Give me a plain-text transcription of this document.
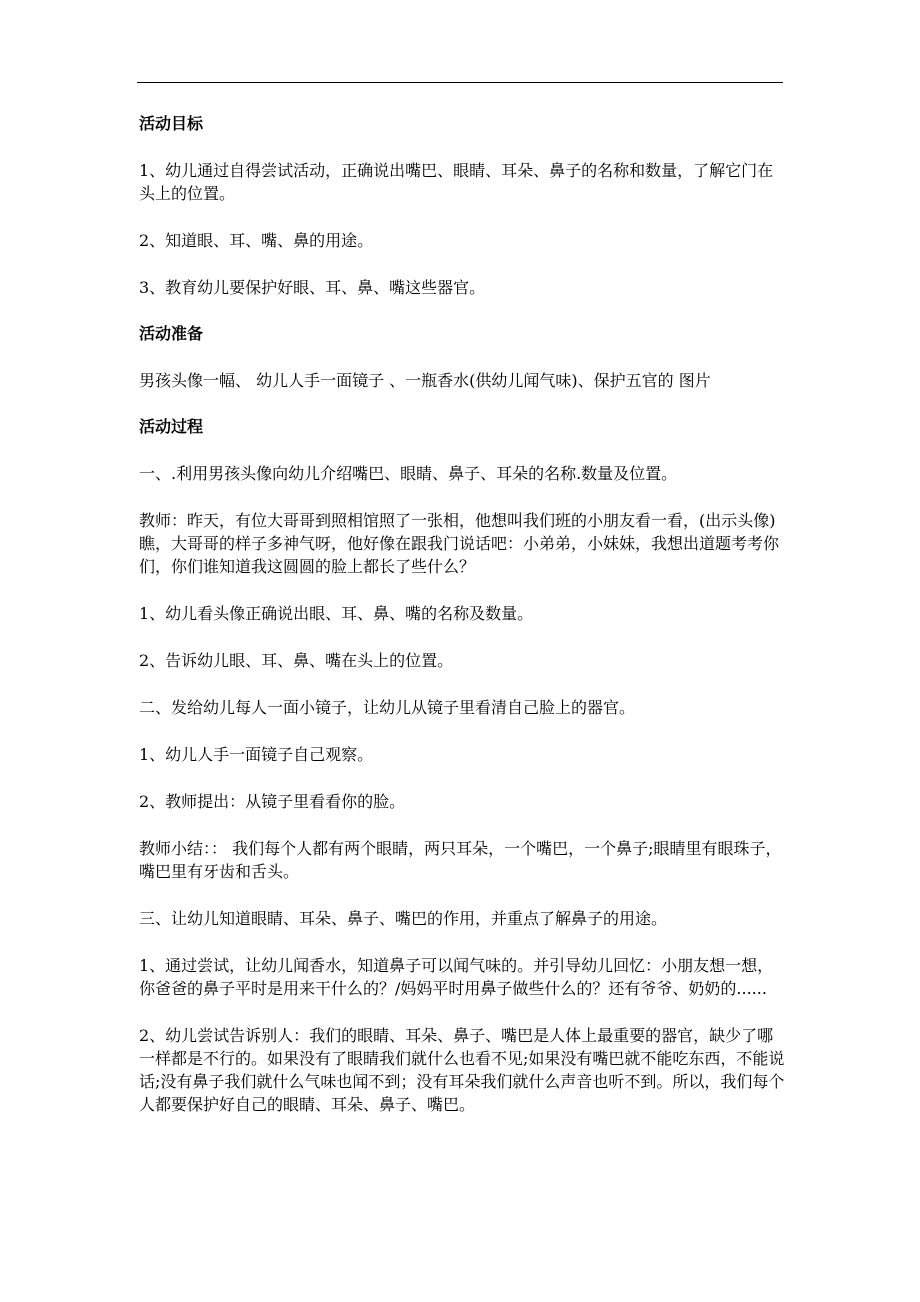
活动目标
1、幼儿通过自得尝试活动，正确说出嘴巴、眼睛、耳朵、鼻子的名称和数量，了解它门在头上的位置。
2、知道眼、耳、嘴、鼻的用途。
3、教育幼儿要保护好眼、耳、鼻、嘴这些器官。
活动准备
男孩头像一幅、 幼儿人手一面镜子 、一瓶香水(供幼儿闻气味)、保护五官的 图片
活动过程
一、.利用男孩头像向幼儿介绍嘴巴、眼睛、鼻子、耳朵的名称.数量及位置。
教师：昨天，有位大哥哥到照相馆照了一张相，他想叫我们班的小朋友看一看，(出示头像)瞧，大哥哥的样子多神气呀，他好像在跟我门说话吧：小弟弟，小妹妹，我想出道题考考你们，你们谁知道我这圆圆的脸上都长了些什么？
1、幼儿看头像正确说出眼、耳、鼻、嘴的名称及数量。
2、告诉幼儿眼、耳、鼻、嘴在头上的位置。
二、发给幼儿每人一面小镜子，让幼儿从镜子里看清自己脸上的器官。
1、幼儿人手一面镜子自己观察。
2、教师提出：从镜子里看看你的脸。
教师小结：： 我们每个人都有两个眼睛，两只耳朵，一个嘴巴，一个鼻子;眼睛里有眼珠子，嘴巴里有牙齿和舌头。
三、让幼儿知道眼睛、耳朵、鼻子、嘴巴的作用，并重点了解鼻子的用途。
1、通过尝试，让幼儿闻香水，知道鼻子可以闻气味的。并引导幼儿回忆：小朋友想一想，你爸爸的鼻子平时是用来干什么的？/妈妈平时用鼻子做些什么的？还有爷爷、奶奶的......
2、幼儿尝试告诉别人：我们的眼睛、耳朵、鼻子、嘴巴是人体上最重要的器官，缺少了哪一样都是不行的。如果没有了眼睛我们就什么也看不见;如果没有嘴巴就不能吃东西，不能说话;没有鼻子我们就什么气味也闻不到；没有耳朵我们就什么声音也听不到。所以，我们每个人都要保护好自己的眼睛、耳朵、鼻子、嘴巴。
